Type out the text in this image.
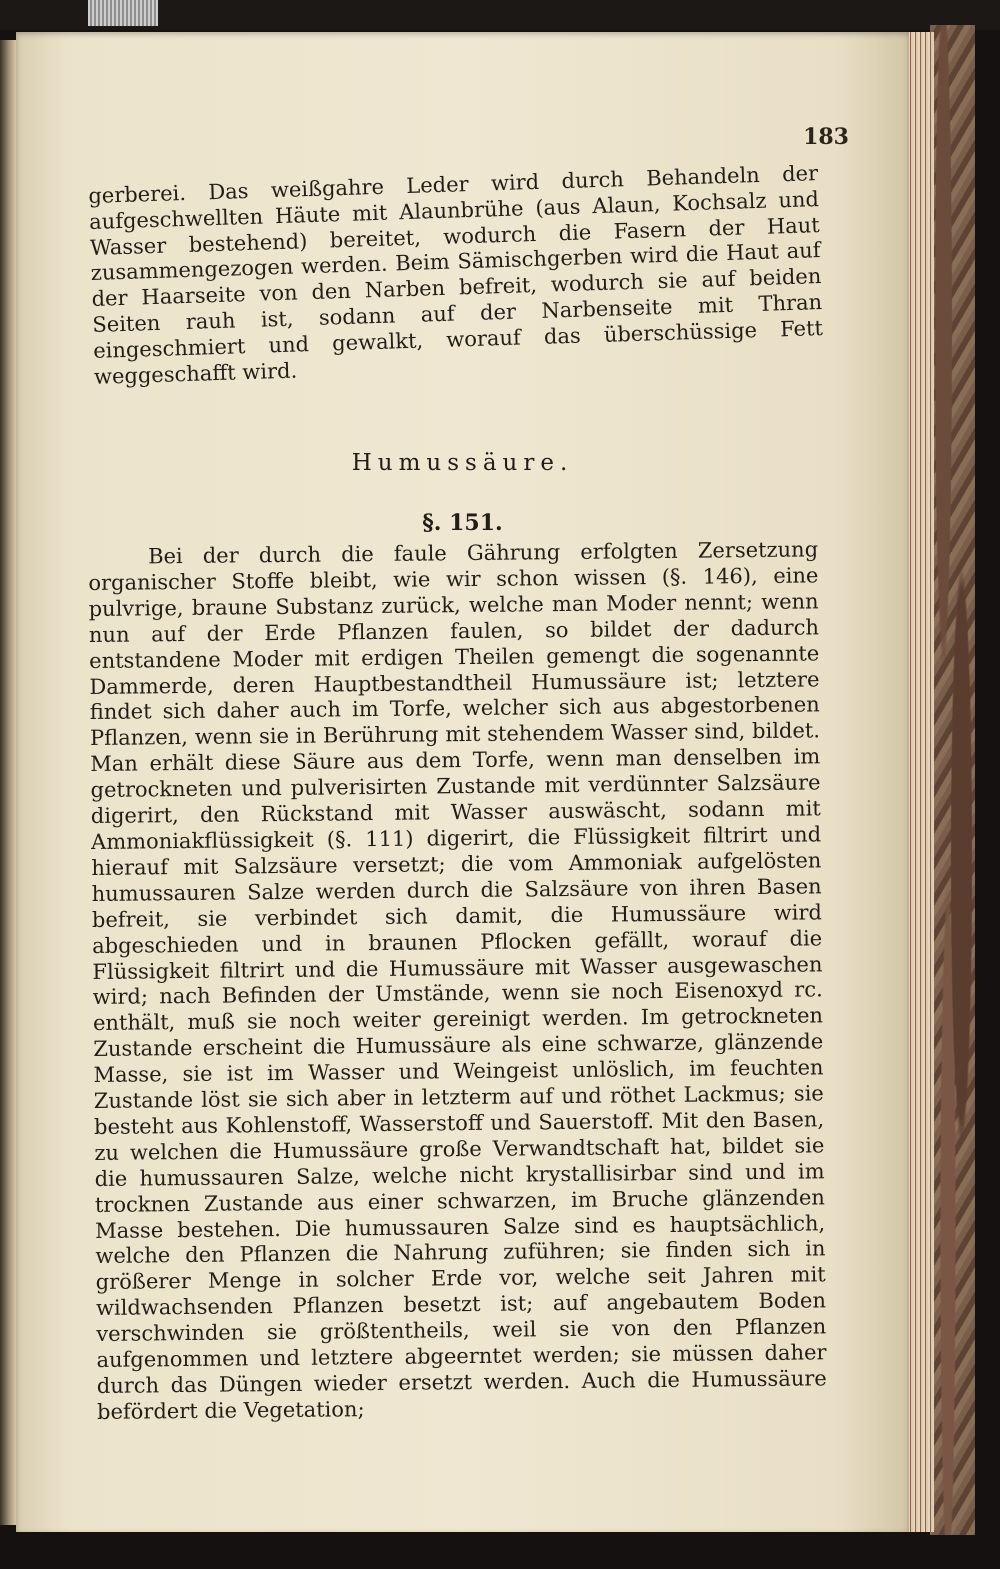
183

gerberei. Das weißgahre Leder wird durch Behandeln der aufgeschwellten Häute mit Alaunbrühe (aus Alaun, Kochsalz und Wasser bestehend) bereitet, wodurch die Fasern der Haut zusammengezogen werden. Beim Sämischgerben wird die Haut auf der Haarseite von den Narben befreit, wodurch sie auf beiden Seiten rauh ist, sodann auf der Narbenseite mit Thran eingeschmiert und gewalkt, worauf das überschüssige Fett weggeschafft wird.

Humussäure.
§. 151.

Bei der durch die faule Gährung erfolgten Zersetzung organischer Stoffe bleibt, wie wir schon wissen (§. 146), eine pulvrige, braune Substanz zurück, welche man Moder nennt; wenn nun auf der Erde Pflanzen faulen, so bildet der dadurch entstandene Moder mit erdigen Theilen gemengt die sogenannte Dammerde, deren Hauptbestandtheil Humussäure ist; letztere findet sich daher auch im Torfe, welcher sich aus abgestorbenen Pflanzen, wenn sie in Berührung mit stehendem Wasser sind, bildet. Man erhält diese Säure aus dem Torfe, wenn man denselben im getrockneten und pulverisirten Zustande mit verdünnter Salzsäure digerirt, den Rückstand mit Wasser auswäscht, sodann mit Ammoniakflüssigkeit (§. 111) digerirt, die Flüssigkeit filtrirt und hierauf mit Salzsäure versetzt; die vom Ammoniak aufgelösten humussauren Salze werden durch die Salzsäure von ihren Basen befreit, sie verbindet sich damit, die Humussäure wird abgeschieden und in braunen Pflocken gefällt, worauf die Flüssigkeit filtrirt und die Humussäure mit Wasser ausgewaschen wird; nach Befinden der Umstände, wenn sie noch Eisenoxyd rc. enthält, muß sie noch weiter gereinigt werden. Im getrockneten Zustande erscheint die Humussäure als eine schwarze, glänzende Masse, sie ist im Wasser und Weingeist unlöslich, im feuchten Zustande löst sie sich aber in letzterm auf und röthet Lackmus; sie besteht aus Kohlenstoff, Wasserstoff und Sauerstoff. Mit den Basen, zu welchen die Humussäure große Verwandtschaft hat, bildet sie die humussauren Salze, welche nicht krystallisirbar sind und im trocknen Zustande aus einer schwarzen, im Bruche glänzenden Masse bestehen. Die humussauren Salze sind es hauptsächlich, welche den Pflanzen die Nahrung zuführen; sie finden sich in größerer Menge in solcher Erde vor, welche seit Jahren mit wildwachsenden Pflanzen besetzt ist; auf angebautem Boden verschwinden sie größtentheils, weil sie von den Pflanzen aufgenommen und letztere abgeerntet werden; sie müssen daher durch das Düngen wieder ersetzt werden. Auch die Humussäure befördert die Vegetation;
